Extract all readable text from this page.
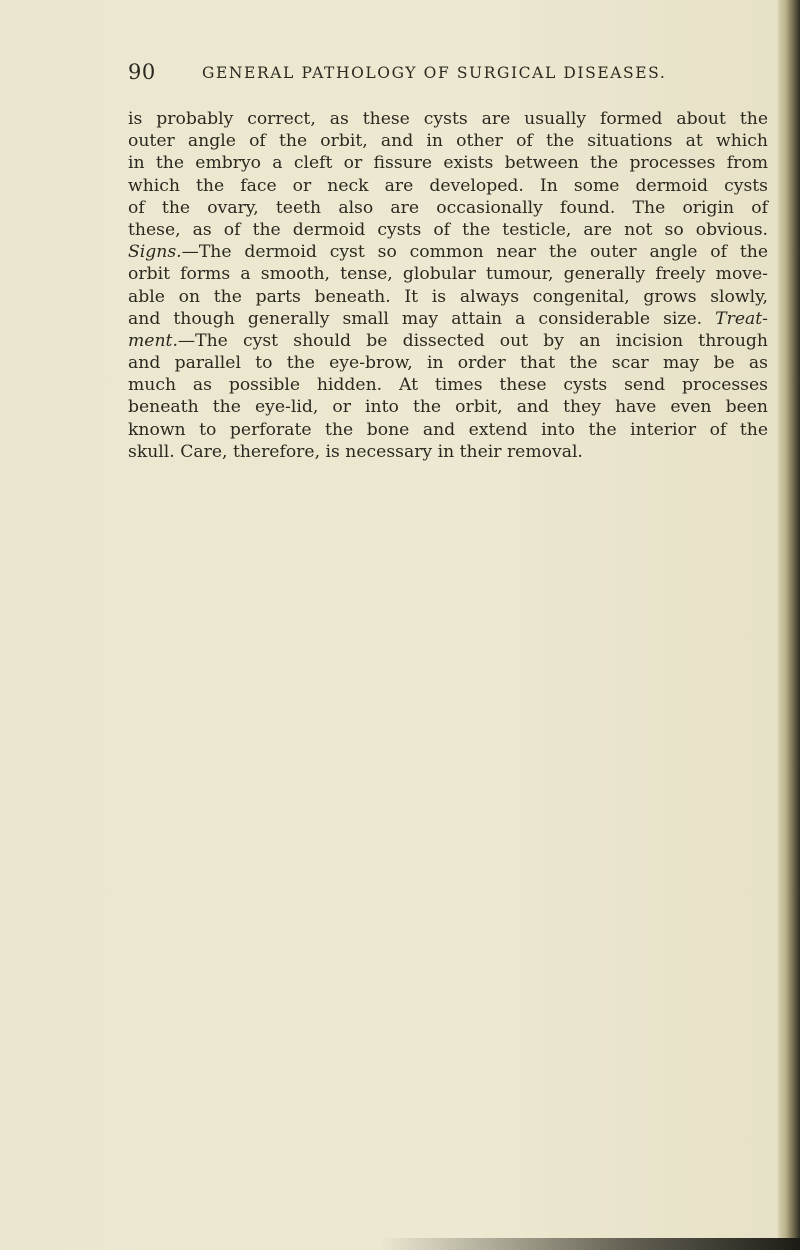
90	GENERAL PATHOLOGY OF SURGICAL DISEASES.
is probably correct, as these cysts are usually formed about the
outer angle of the orbit, and in other of the situations at which
in the embryo a cleft or fissure exists between the processes from
which the face or neck are developed. In some dermoid cysts
of the ovary, teeth also are occasionally found. The origin of
these, as of the dermoid cysts of the testicle, are not so obvious.
Signs.—The dermoid cyst so common near the outer angle of the
orbit forms a smooth, tense, globular tumour, generally freely move-
able on the parts beneath. It is always congenital, grows slowly,
and though generally small may attain a considerable size. Treat-
ment.—The cyst should be dissected out by an incision through
and parallel to the eye-brow, in order that the scar may be as
much as possible hidden. At times these cysts send processes
beneath the eye-lid, or into the orbit, and they have even been
known to perforate the bone and extend into the interior of the
skull. Care, therefore, is necessary in their removal.
